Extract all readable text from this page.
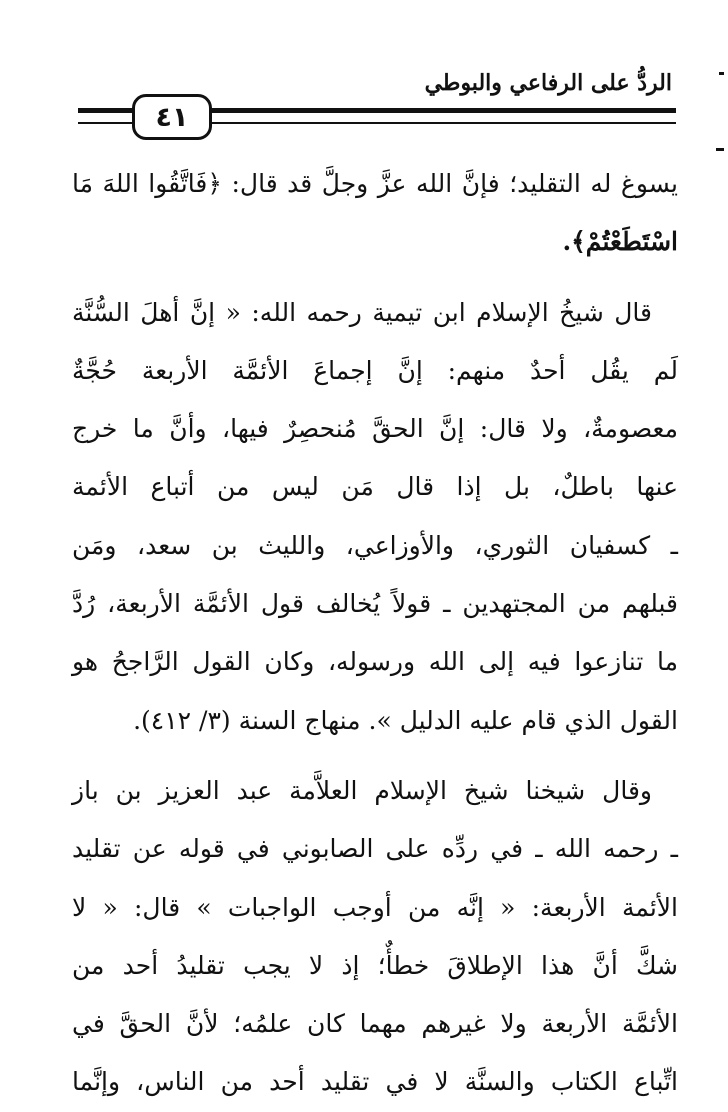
الردُّ على الرفاعي والبوطي
٤١

يسوغ له التقليد؛ فإنَّ الله عزَّ وجلَّ قد قال: ﴿فَاتَّقُوا اللهَ مَا
اسْتَطَعْتُمْ﴾.

قال شيخُ الإسلام ابن تيمية رحمه الله: « إنَّ أهلَ السُّنَّة
لَم يقُل أحدٌ منهم: إنَّ إجماعَ الأئمَّة الأربعة حُجَّةٌ
معصومةٌ، ولا قال: إنَّ الحقَّ مُنحصِرٌ فيها، وأنَّ ما خرج
عنها باطلٌ، بل إذا قال مَن ليس من أتباع الأئمة
ـ كسفيان الثوري، والأوزاعي، والليث بن سعد، ومَن
قبلهم من المجتهدين ـ قولاً يُخالف قول الأئمَّة الأربعة، رُدَّ
ما تنازعوا فيه إلى الله ورسوله، وكان القول الرَّاجحُ هو
القول الذي قام عليه الدليل ». منهاج السنة (٣/ ٤١٢).

وقال شيخنا شيخ الإسلام العلاَّمة عبد العزيز بن باز
ـ رحمه الله ـ في ردِّه على الصابوني في قوله عن تقليد
الأئمة الأربعة: « إنَّه من أوجب الواجبات » قال: « لا
شكَّ أنَّ هذا الإطلاقَ خطأٌ؛ إذ لا يجب تقليدُ أحد من
الأئمَّة الأربعة ولا غيرهم مهما كان علمُه؛ لأنَّ الحقَّ في
اتِّباع الكتاب والسنَّة لا في تقليد أحد من الناس، وإنَّما
